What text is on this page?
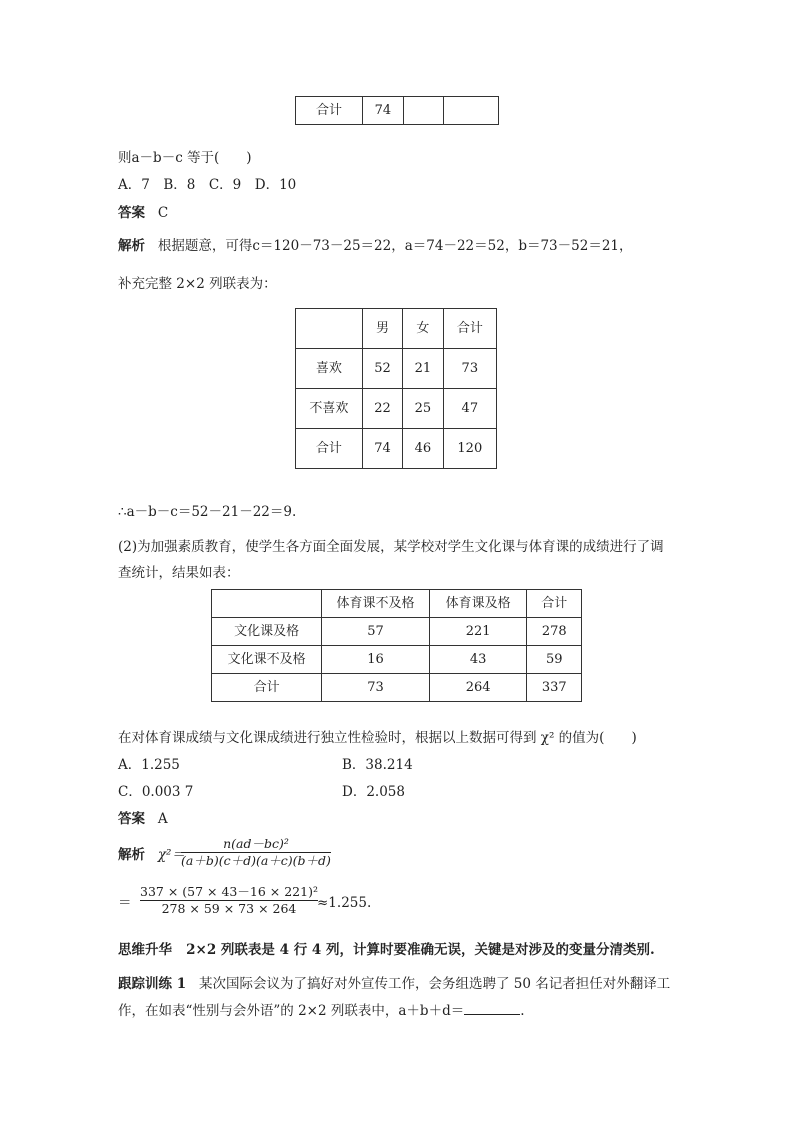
合计	74		
则a－b－c 等于(　　)
A．7　B．8　C．9　D．10
答案 C
解析 根据题意，可得c＝120－73－25＝22，a＝74－22＝52，b＝73－52＝21，
补充完整 2×2 列联表为：
	男	女	合计
喜欢	52	21	73
不喜欢	22	25	47
合计	74	46	120
∴a－b－c＝52－21－22＝9.
(2)为加强素质教育，使学生各方面全面发展，某学校对学生文化课与体育课的成绩进行了调
查统计，结果如表：
	体育课不及格	体育课及格	合计
文化课及格	57	221	278
文化课不及格	16	43	59
合计	73	264	337
在对体育课成绩与文化课成绩进行独立性检验时，根据以上数据可得到 χ² 的值为(　　)
A．1.255	B．38.214
C．0.003 7	D．2.058
答案 A
解析 χ²＝
n(ad－bc)²
(a＋b)(c＋d)(a＋c)(b＋d)
＝
337 × (57 × 43－16 × 221)²
278 × 59 × 73 × 264 ≈1.255.
思维升华 2×2 列联表是 4 行 4 列，计算时要准确无误，关键是对涉及的变量分清类别.
跟踪训练 1 某次国际会议为了搞好对外宣传工作，会务组选聘了 50 名记者担任对外翻译工
作，在如表“性别与会外语”的 2×2 列联表中，a＋b＋d＝	.
